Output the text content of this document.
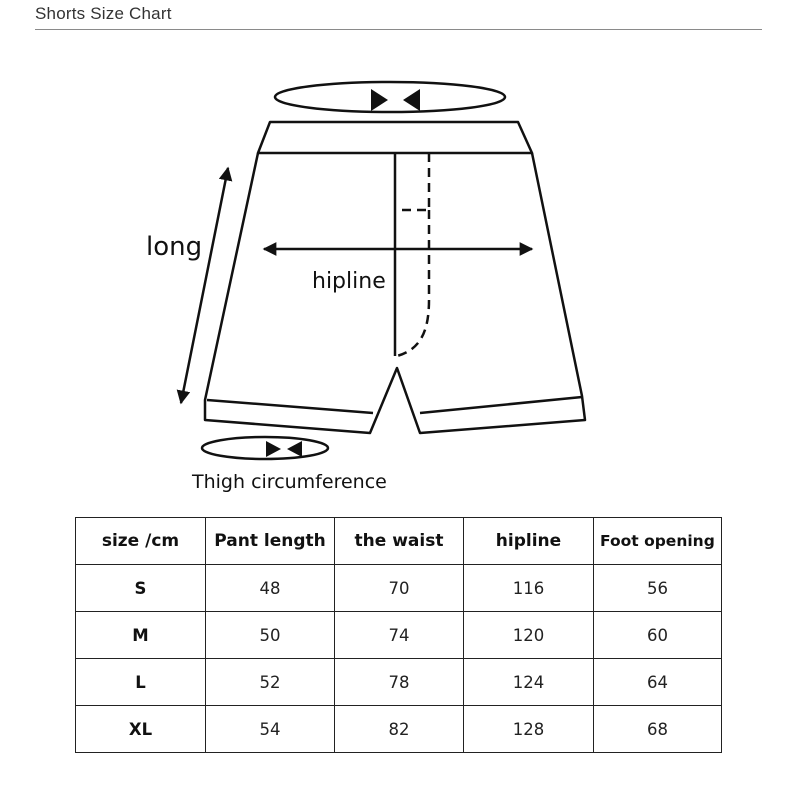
Shorts Size Chart
long
hipline
Thigh circumference
size /cm	Pant length	the waist	hipline	Foot opening
S	48	70	116	56
M	50	74	120	60
L	52	78	124	64
XL	54	82	128	68
